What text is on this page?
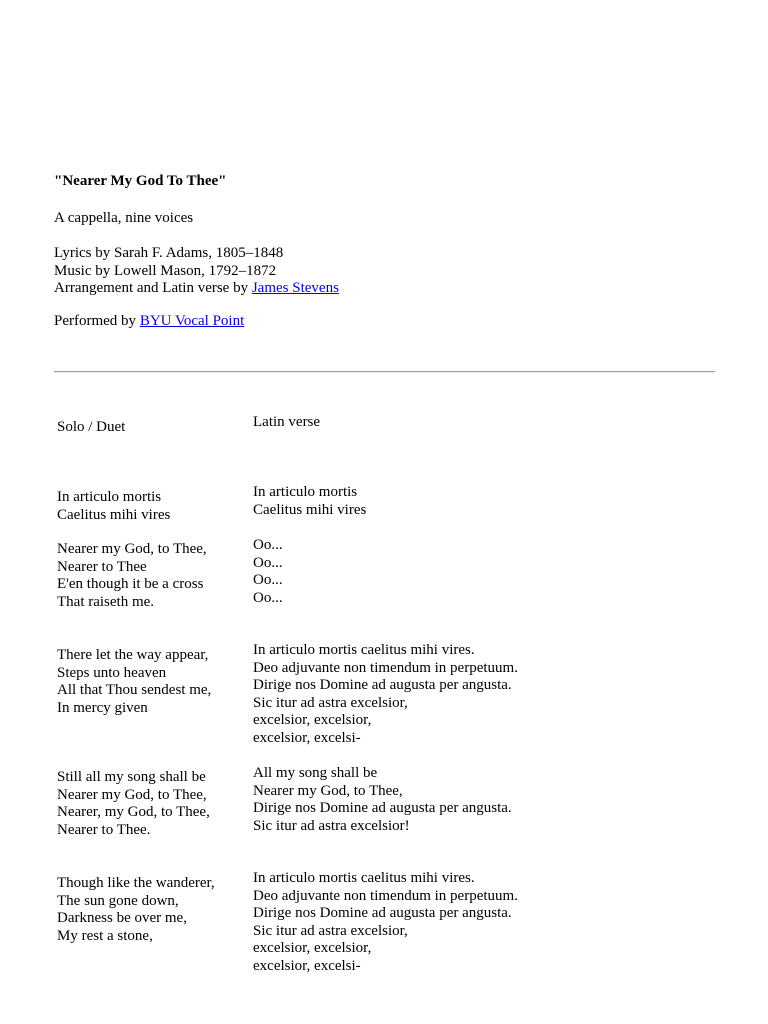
"Nearer My God To Thee"
A cappella, nine voices
Lyrics by Sarah F. Adams, 1805–1848
Music by Lowell Mason, 1792–1872
Arrangement and Latin verse by James Stevens
Performed by BYU Vocal Point
Solo / Duet	Latin verse
In articulo mortis
Caelitus mihi vires
In articulo mortis
Caelitus mihi vires
Nearer my God, to Thee,
Nearer to Thee
E'en though it be a cross
That raiseth me.
Oo...
Oo...
Oo...
Oo...
There let the way appear,
Steps unto heaven
All that Thou sendest me,
In mercy given
In articulo mortis caelitus mihi vires.
Deo adjuvante non timendum in perpetuum.
Dirige nos Domine ad augusta per angusta.
Sic itur ad astra excelsior,
excelsior, excelsior,
excelsior, excelsi-
Still all my song shall be
Nearer my God, to Thee,
Nearer, my God, to Thee,
Nearer to Thee.
All my song shall be
Nearer my God, to Thee,
Dirige nos Domine ad augusta per angusta.
Sic itur ad astra excelsior!
Though like the wanderer,
The sun gone down,
Darkness be over me,
My rest a stone,
In articulo mortis caelitus mihi vires.
Deo adjuvante non timendum in perpetuum.
Dirige nos Domine ad augusta per angusta.
Sic itur ad astra excelsior,
excelsior, excelsior,
excelsior, excelsi-
